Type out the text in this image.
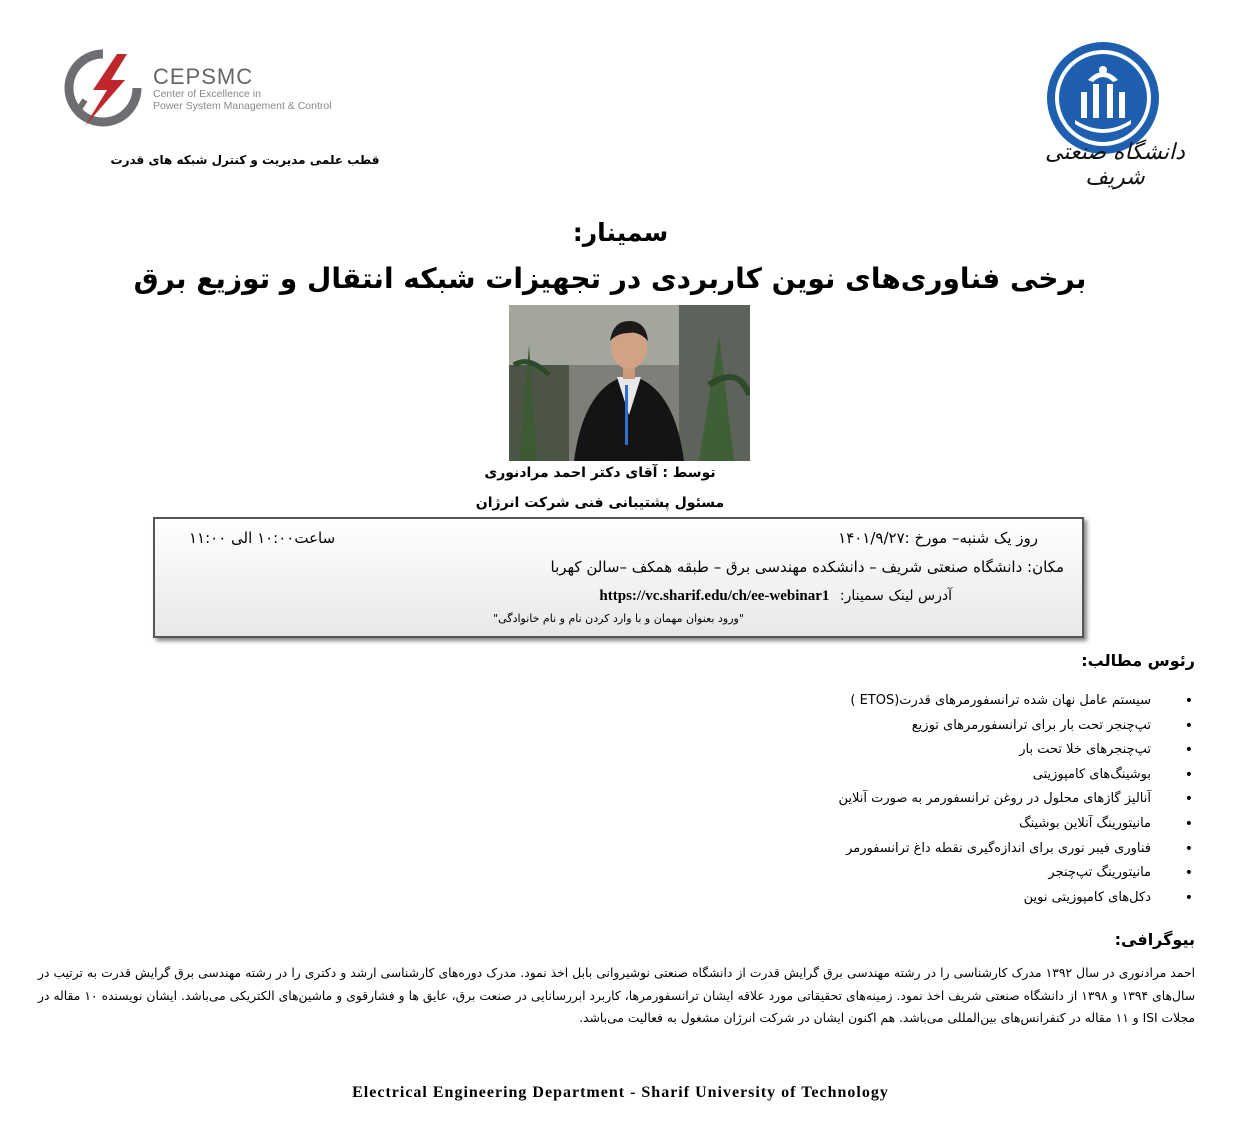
CEPSMC
Center of Excellence in
Power System Management & Control
قطب علمی مدیریت و کنترل شبکه های قدرت	دانشگاه صنعتی شریف
سمینار:
برخی فناوری‌های نوین کاربردی در تجهیزات شبکه انتقال و توزیع برق
توسط : آقای دکتر احمد مرادنوری
مسئول پشتیبانی فنی شرکت انرژان
روز یک شنبه– مورخ :۱۴۰۱/۹/۲۷
ساعت۱۰:۰۰ الی ۱۱:۰۰
مکان: دانشگاه صنعتی شریف – دانشکده مهندسی برق – طبقه همکف –سالن کهربا
آدرس لینک سمینار: https://vc.sharif.edu/ch/ee-webinar1
"ورود بعنوان مهمان و با وارد کردن نام و نام خانوادگی"
رئوس مطالب:
• سیستم عامل نهان شده ترانسفورمرهای قدرت(ETOS )
• تپ‌چنجر تحت بار برای ترانسفورمرهای توزیع
• تپ‌چنجرهای خلا تحت بار
• بوشینگ‌های کامپوزیتی
• آنالیز گازهای محلول در روغن ترانسفورمر به صورت آنلاین
• مانیتورینگ آنلاین بوشینگ
• فناوری فیبر نوری برای اندازه‌گیری نقطه داغ ترانسفورمر
• مانیتورینگ تپ‌چنجر
• دکل‌های کامپوزیتی نوین
بیوگرافی:
احمد مرادنوری در سال ۱۳۹۲ مدرک کارشناسی را در رشته مهندسی برق گرایش قدرت از دانشگاه صنعتی نوشیروانی بابل اخذ نمود. مدرک دوره‌های کارشناسی ارشد و دکتری را در رشته مهندسی برق گرایش قدرت به ترتیب در سال‌های ۱۳۹۴ و ۱۳۹۸ از دانشگاه صنعتی شریف اخذ نمود. زمینه‌های تحقیقاتی مورد علاقه ایشان ترانسفورمرها، کاربرد ابررسانایی در صنعت برق، عایق ها و فشارقوی و ماشین‌های الکتریکی می‌باشد. ایشان نویسنده ۱۰ مقاله در مجلات ISI و ۱۱ مقاله در کنفرانس‌های بین‌المللی می‌باشد. هم اکنون ایشان در شرکت انرژان مشغول به فعالیت می‌باشد.
Electrical Engineering Department - Sharif University of Technology
